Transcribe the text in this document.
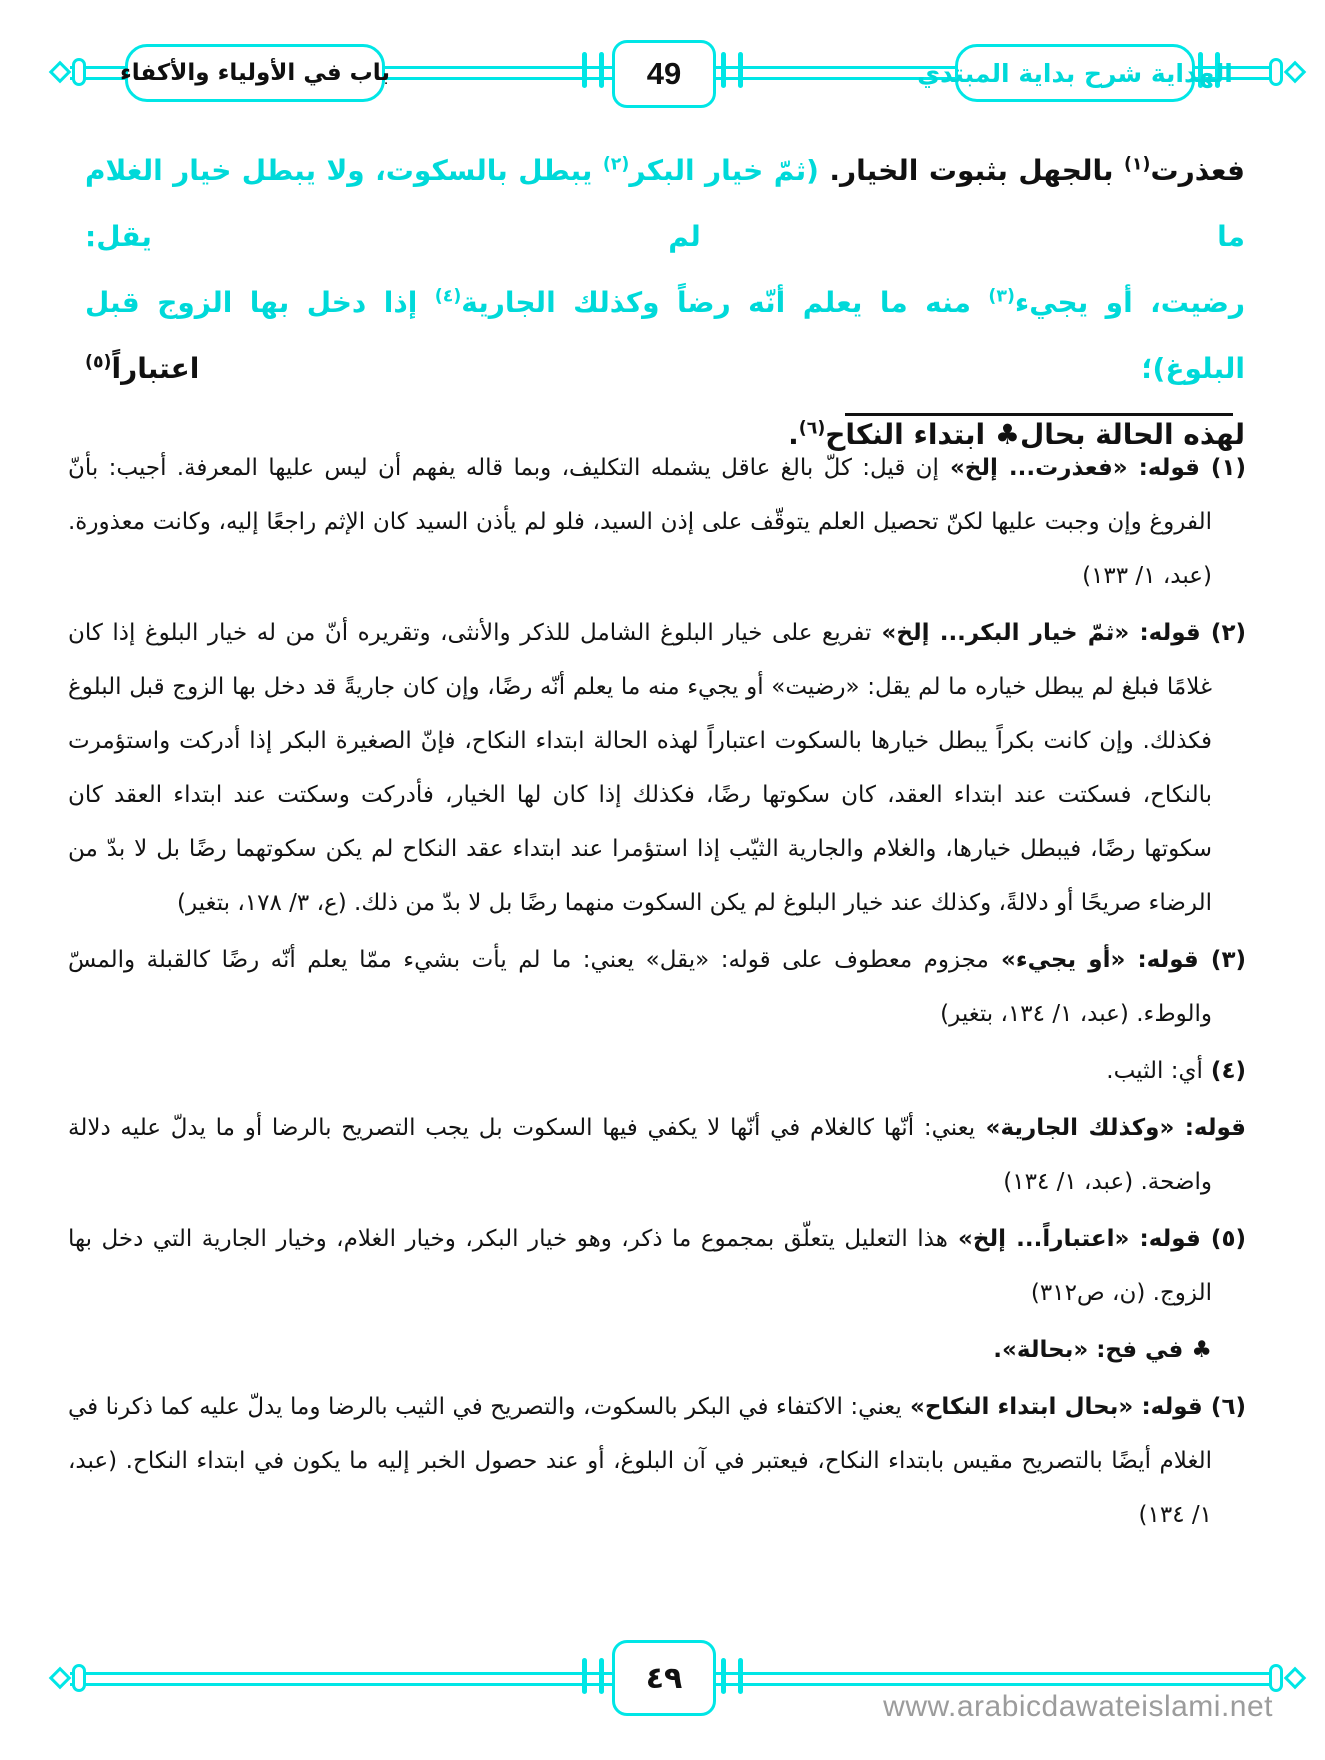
باب في الأولياء والأكفاء	49	الهداية شرح بداية المبتدي
فعذرت$^{(١)}$ بالجهل بثبوت الخيار. (ثمّ خيار البكر$^{(٢)}$ يبطل بالسكوت، ولا يبطل خيار الغلام ما لم يقل:
رضيت، أو يجيء$^{(٣)}$ منه ما يعلم أنّه رضاً وكذلك الجارية$^{(٤)}$ إذا دخل بها الزوج قبل البلوغ)؛ اعتباراً$^{(٥)}$
لهذه الحالة بحال♣ ابتداء النكاح$^{(٦)}$.

(١) قوله: «فعذرت... إلخ» إن قيل: كلّ بالغ عاقل يشمله التكليف، وبما قاله يفهم أن ليس عليها المعرفة. أجيب: بأنّ الفروغ وإن وجبت عليها لكنّ تحصيل العلم يتوقّف على إذن السيد، فلو لم يأذن السيد كان الإثم راجعًا إليه، وكانت معذورة. (عبد، ١/ ١٣٣)

(٢) قوله: «ثمّ خيار البكر... إلخ» تفريع على خيار البلوغ الشامل للذكر والأنثى، وتقريره أنّ من له خيار البلوغ إذا كان غلامًا فبلغ لم يبطل خياره ما لم يقل: «رضيت» أو يجيء منه ما يعلم أنّه رضًا، وإن كان جاريةً قد دخل بها الزوج قبل البلوغ فكذلك. وإن كانت بكراً يبطل خيارها بالسكوت اعتباراً لهذه الحالة ابتداء النكاح، فإنّ الصغيرة البكر إذا أدركت واستؤمرت بالنكاح، فسكتت عند ابتداء العقد، كان سكوتها رضًا، فكذلك إذا كان لها الخيار، فأدركت وسكتت عند ابتداء العقد كان سكوتها رضًا، فيبطل خيارها، والغلام والجارية الثيّب إذا استؤمرا عند ابتداء عقد النكاح لم يكن سكوتهما رضًا بل لا بدّ من الرضاء صريحًا أو دلالةً، وكذلك عند خيار البلوغ لم يكن السكوت منهما رضًا بل لا بدّ من ذلك. (ع، ٣/ ١٧٨، بتغير)

(٣) قوله: «أو يجيء» مجزوم معطوف على قوله: «يقل» يعني: ما لم يأت بشيء ممّا يعلم أنّه رضًا كالقبلة والمسّ والوطء. (عبد، ١/ ١٣٤، بتغير)

(٤) أي: الثيب.

قوله: «وكذلك الجارية» يعني: أنّها كالغلام في أنّها لا يكفي فيها السكوت بل يجب التصريح بالرضا أو ما يدلّ عليه دلالة واضحة. (عبد، ١/ ١٣٤)

(٥) قوله: «اعتباراً... إلخ» هذا التعليل يتعلّق بمجموع ما ذكر، وهو خيار البكر، وخيار الغلام، وخيار الجارية التي دخل بها الزوج. (ن، ص٣١٢)

♣ في فح: «بحالة».

(٦) قوله: «بحال ابتداء النكاح» يعني: الاكتفاء في البكر بالسكوت، والتصريح في الثيب بالرضا وما يدلّ عليه كما ذكرنا في الغلام أيضًا بالتصريح مقيس بابتداء النكاح، فيعتبر في آن البلوغ، أو عند حصول الخبر إليه ما يكون في ابتداء النكاح. (عبد، ١/ ١٣٤)

٤٩
www.arabicdawateislami.net
